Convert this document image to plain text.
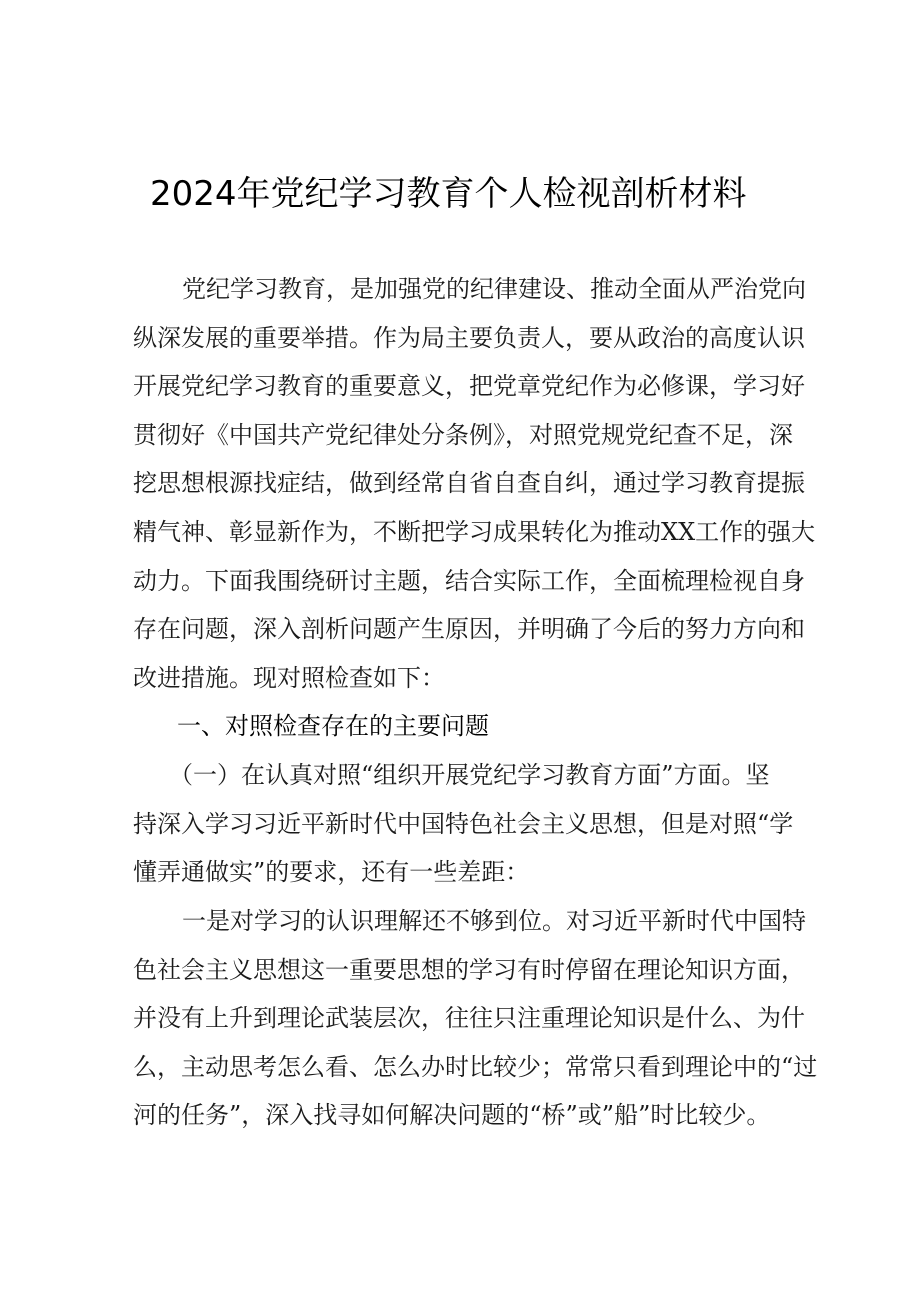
2024年党纪学习教育个人检视剖析材料
党纪学习教育，是加强党的纪律建设、推动全面从严治党向
纵深发展的重要举措。作为局主要负责人，要从政治的高度认识
开展党纪学习教育的重要意义，把党章党纪作为必修课，学习好
贯彻好《中国共产党纪律处分条例》，对照党规党纪查不足，深
挖思想根源找症结，做到经常自省自查自纠，通过学习教育提振
精气神、彰显新作为，不断把学习成果转化为推动XX工作的强大
动力。下面我围绕研讨主题，结合实际工作，全面梳理检视自身
存在问题，深入剖析问题产生原因，并明确了今后的努力方向和
改进措施。现对照检查如下：
一、对照检查存在的主要问题
（一）在认真对照“组织开展党纪学习教育方面”方面。坚
持深入学习习近平新时代中国特色社会主义思想，但是对照“学
懂弄通做实”的要求，还有一些差距：
一是对学习的认识理解还不够到位。对习近平新时代中国特
色社会主义思想这一重要思想的学习有时停留在理论知识方面，
并没有上升到理论武装层次，往往只注重理论知识是什么、为什
么，主动思考怎么看、怎么办时比较少；常常只看到理论中的“过
河的任务”，深入找寻如何解决问题的“桥”或”船”时比较少。
